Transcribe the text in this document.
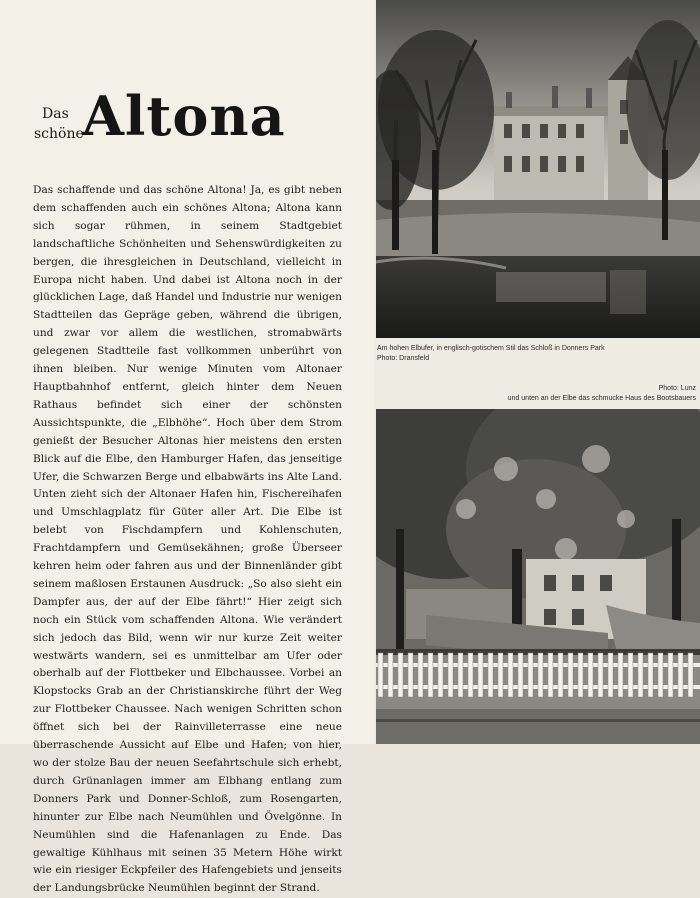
Das
schöne
Altona
Das schaffende und das schöne Altona! Ja, es gibt neben dem schaffenden auch ein schönes Altona; Altona kann sich sogar rühmen, in seinem Stadtgebiet landschaftliche Schönheiten und Sehenswürdigkeiten zu bergen, die ihresgleichen in Deutschland, vielleicht in Europa nicht haben. Und dabei ist Altona noch in der glücklichen Lage, daß Handel und Industrie nur wenigen Stadtteilen das Gepräge geben, während die übrigen, und zwar vor allem die westlichen, stromabwärts gelegenen Stadtteile fast vollkommen unberührt von ihnen bleiben. Nur wenige Minuten vom Altonaer Hauptbahnhof entfernt, gleich hinter dem Neuen Rathaus befindet sich einer der schönsten Aussichtspunkte, die „Elbhöhe“. Hoch über dem Strom genießt der Besucher Altonas hier meistens den ersten Blick auf die Elbe, den Hamburger Hafen, das jenseitige Ufer, die Schwarzen Berge und elbabwärts ins Alte Land. Unten zieht sich der Altonaer Hafen hin, Fischereihafen und Umschlagplatz für Güter aller Art. Die Elbe ist belebt von Fischdampfern und Kohlenschuten, Frachtdampfern und Gemüsekähnen; große Überseer kehren heim oder fahren aus und der Binnenländer gibt seinem maßlosen Erstaunen Ausdruck: „So also sieht ein Dampfer aus, der auf der Elbe fährt!“ Hier zeigt sich noch ein Stück vom schaffenden Altona. Wie verändert sich jedoch das Bild, wenn wir nur kurze Zeit weiter westwärts wandern, sei es unmittelbar am Ufer oder oberhalb auf der Flottbeker und Elbchaussee. Vorbei an Klopstocks Grab an der Christianskirche führt der Weg zur Flottbeker Chaussee. Nach wenigen Schritten schon öffnet sich bei der Rainvilleterrasse eine neue überraschende Aussicht auf Elbe und Hafen; von hier, wo der stolze Bau der neuen Seefahrtschule sich erhebt, durch Grünanlagen immer am Elbhang entlang zum Donners Park und Donner-Schloß, zum Rosengarten, hinunter zur Elbe nach Neumühlen und Övelgönne. In Neumühlen sind die Hafenanlagen zu Ende. Das gewaltige Kühlhaus mit seinen 35 Metern Höhe wirkt wie ein riesiger Eckpfeiler des Hafengebiets und jenseits der Landungsbrücke Neumühlen beginnt der Strand.
Am hohen Elbufer, in englisch-gotischem Stil das Schloß in Donners Park
Photo: Dransfeld
Photo: Lunz
und unten an der Elbe das schmucke Haus des Bootsbauers
